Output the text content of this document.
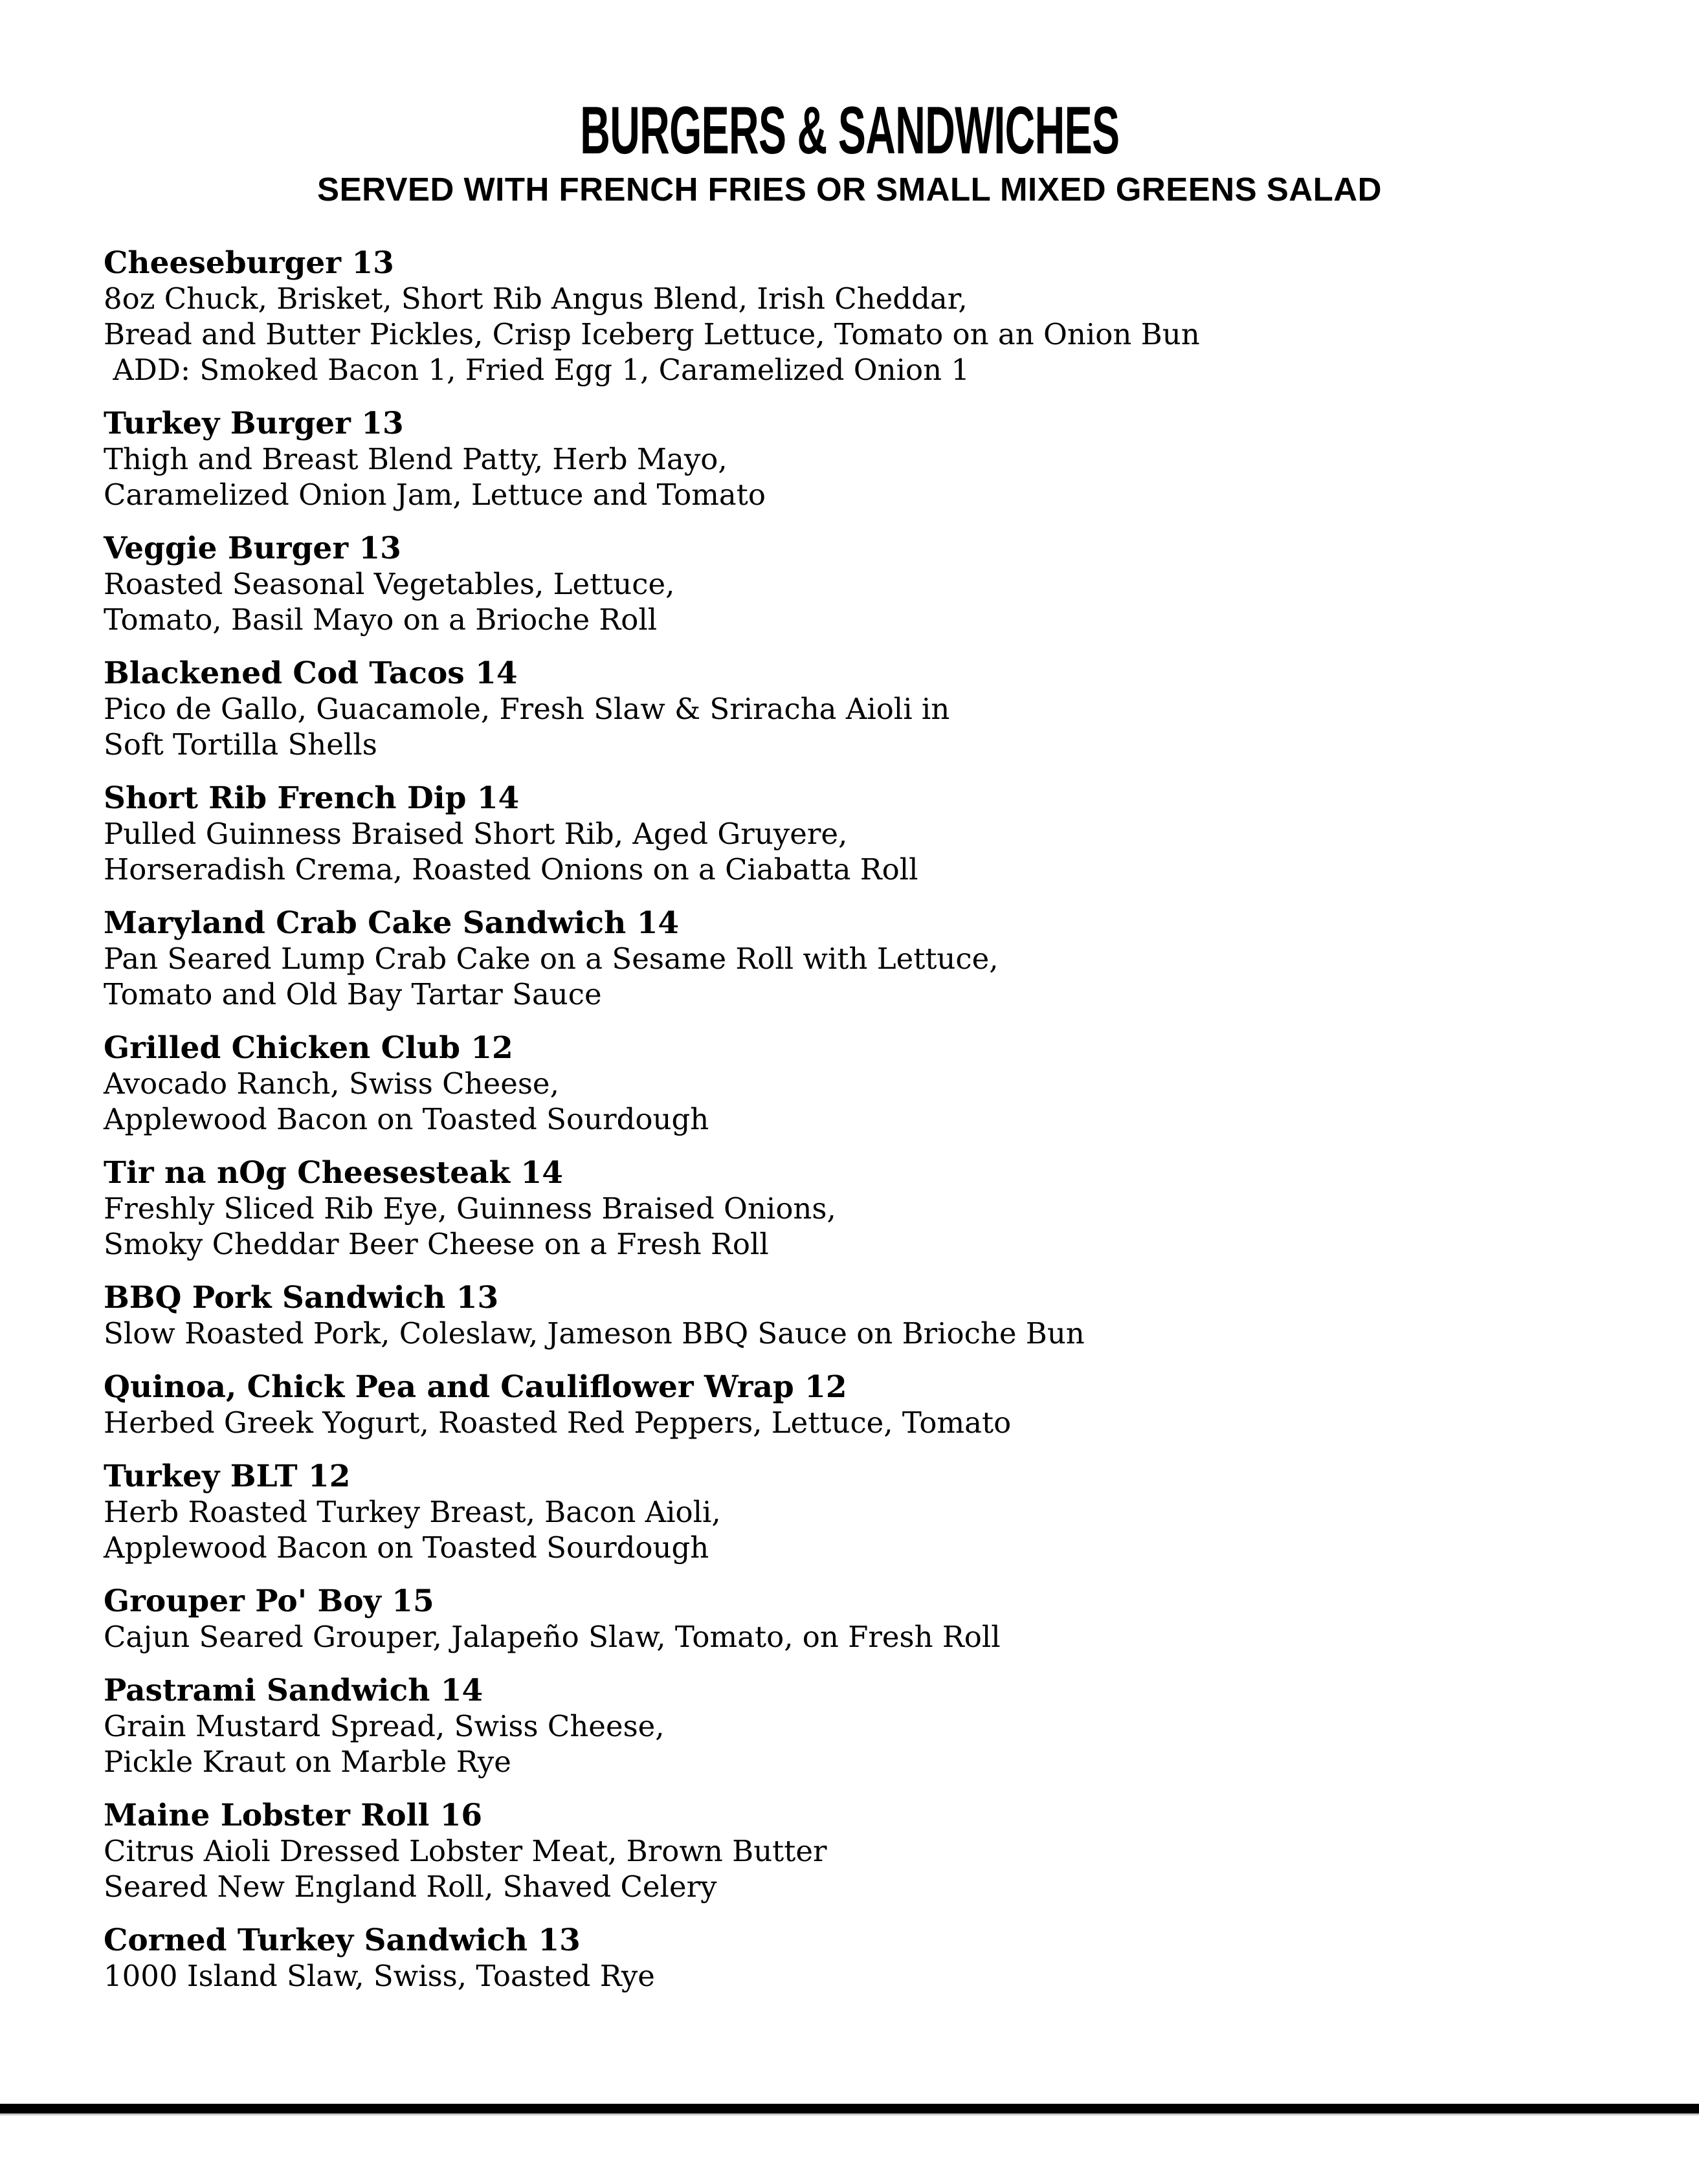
BURGERS & SANDWICHES
SERVED WITH FRENCH FRIES OR SMALL MIXED GREENS SALAD
Cheeseburger 13
8oz Chuck, Brisket, Short Rib Angus Blend, Irish Cheddar,
Bread and Butter Pickles, Crisp Iceberg Lettuce, Tomato on an Onion Bun
ADD: Smoked Bacon 1, Fried Egg 1, Caramelized Onion 1
Turkey Burger 13
Thigh and Breast Blend Patty, Herb Mayo,
Caramelized Onion Jam, Lettuce and Tomato
Veggie Burger 13
Roasted Seasonal Vegetables, Lettuce,
Tomato, Basil Mayo on a Brioche Roll
Blackened Cod Tacos 14
Pico de Gallo, Guacamole, Fresh Slaw & Sriracha Aioli in
Soft Tortilla Shells
Short Rib French Dip 14
Pulled Guinness Braised Short Rib, Aged Gruyere,
Horseradish Crema, Roasted Onions on a Ciabatta Roll
Maryland Crab Cake Sandwich 14
Pan Seared Lump Crab Cake on a Sesame Roll with Lettuce,
Tomato and Old Bay Tartar Sauce
Grilled Chicken Club 12
Avocado Ranch, Swiss Cheese,
Applewood Bacon on Toasted Sourdough
Tir na nOg Cheesesteak 14
Freshly Sliced Rib Eye, Guinness Braised Onions,
Smoky Cheddar Beer Cheese on a Fresh Roll
BBQ Pork Sandwich 13
Slow Roasted Pork, Coleslaw, Jameson BBQ Sauce on Brioche Bun
Quinoa, Chick Pea and Cauliflower Wrap 12
Herbed Greek Yogurt, Roasted Red Peppers, Lettuce, Tomato
Turkey BLT 12
Herb Roasted Turkey Breast, Bacon Aioli,
Applewood Bacon on Toasted Sourdough
Grouper Po' Boy 15
Cajun Seared Grouper, Jalapeño Slaw, Tomato, on Fresh Roll
Pastrami Sandwich 14
Grain Mustard Spread, Swiss Cheese,
Pickle Kraut on Marble Rye
Maine Lobster Roll 16
Citrus Aioli Dressed Lobster Meat, Brown Butter
Seared New England Roll, Shaved Celery
Corned Turkey Sandwich 13
1000 Island Slaw, Swiss, Toasted Rye
